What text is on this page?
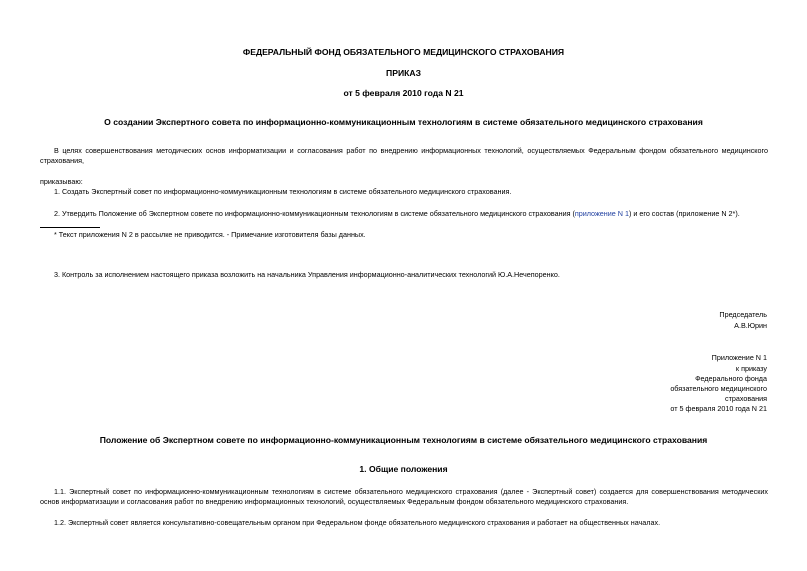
ФЕДЕРАЛЬНЫЙ ФОНД ОБЯЗАТЕЛЬНОГО МЕДИЦИНСКОГО СТРАХОВАНИЯ
ПРИКАЗ
от 5 февраля 2010 года N 21
О создании Экспертного совета по информационно-коммуникационным технологиям в системе обязательного медицинского страхования
В целях совершенствования методических основ информатизации и согласования работ по внедрению информационных технологий, осуществляемых Федеральным фондом обязательного медицинского страхования,
приказываю:
1. Создать Экспертный совет по информационно-коммуникационным технологиям в системе обязательного медицинского страхования.
2. Утвердить Положение об Экспертном совете по информационно-коммуникационным технологиям в системе обязательного медицинского страхования (приложение N 1) и его состав (приложение N 2*).
* Текст приложения N 2 в рассылке не приводится. - Примечание изготовителя базы данных.
3. Контроль за исполнением настоящего приказа возложить на начальника Управления информационно-аналитических технологий Ю.А.Нечепоренко.
Председатель
А.В.Юрин
Приложение N 1
к приказу
Федерального фонда
обязательного медицинского
страхования
от 5 февраля 2010 года N 21
Положение об Экспертном совете по информационно-коммуникационным технологиям в системе обязательного медицинского страхования
1. Общие положения
1.1. Экспертный совет по информационно-коммуникационным технологиям в системе обязательного медицинского страхования (далее - Экспертный совет) создается для совершенствования методических основ информатизации и согласования работ по внедрению информационных технологий, осуществляемых Федеральным фондом обязательного медицинского страхования.
1.2. Экспертный совет является консультативно-совещательным органом при Федеральном фонде обязательного медицинского страхования и работает на общественных началах.
